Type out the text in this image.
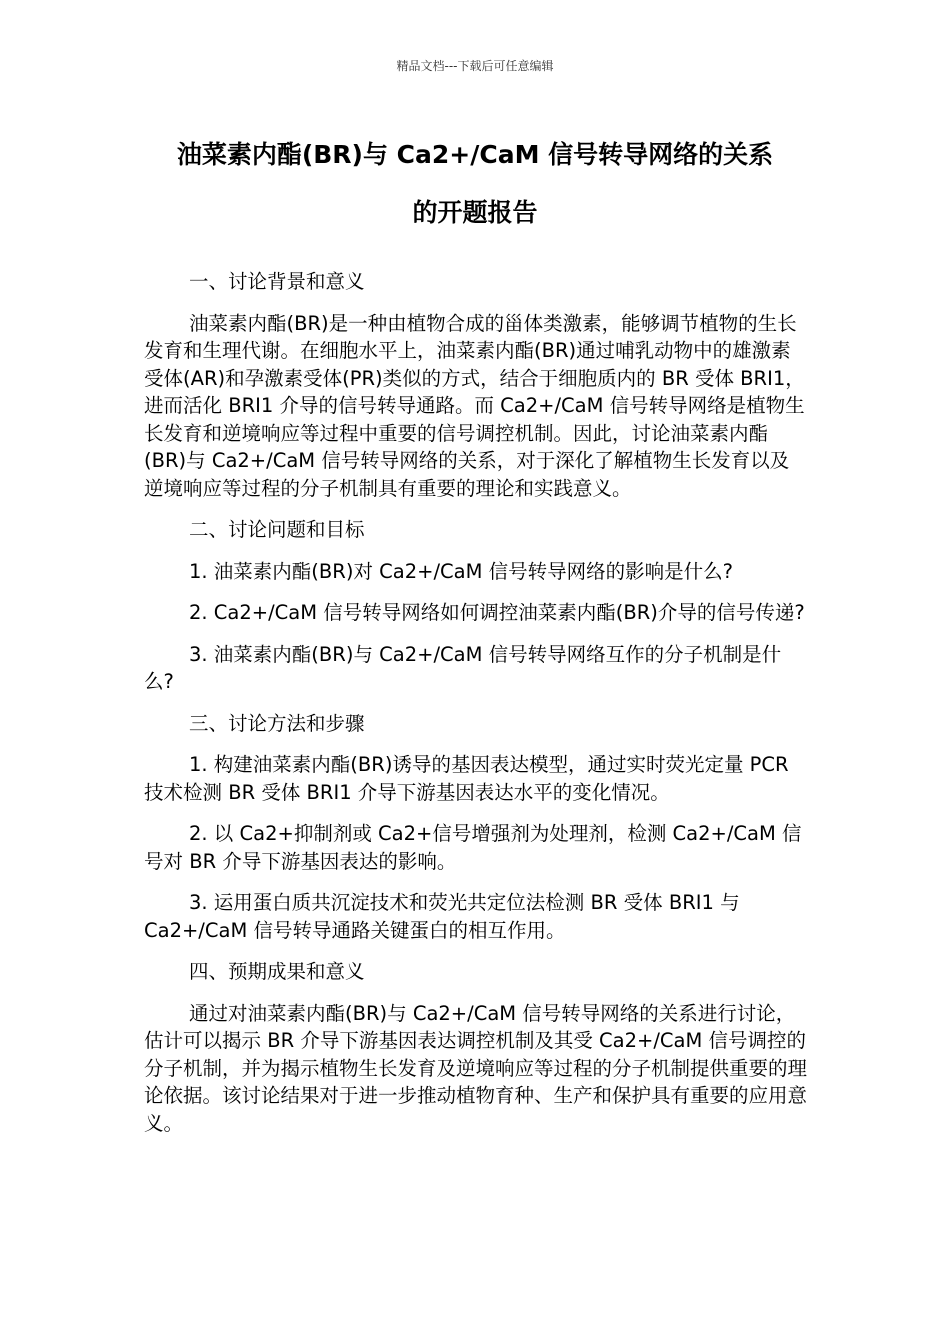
精品文档---下载后可任意编辑
油菜素内酯(BR)与 Ca2+/CaM 信号转导网络的关系
的开题报告

一、讨论背景和意义

油菜素内酯(BR)是一种由植物合成的甾体类激素，能够调节植物的生长发育和生理代谢。在细胞水平上，油菜素内酯(BR)通过哺乳动物中的雄激素受体(AR)和孕激素受体(PR)类似的方式，结合于细胞质内的 BR 受体 BRI1，进而活化 BRI1 介导的信号转导通路。而 Ca2+/CaM 信号转导网络是植物生长发育和逆境响应等过程中重要的信号调控机制。因此，讨论油菜素内酯(BR)与 Ca2+/CaM 信号转导网络的关系，对于深化了解植物生长发育以及逆境响应等过程的分子机制具有重要的理论和实践意义。

二、讨论问题和目标

1. 油菜素内酯(BR)对 Ca2+/CaM 信号转导网络的影响是什么?

2. Ca2+/CaM 信号转导网络如何调控油菜素内酯(BR)介导的信号传递?

3. 油菜素内酯(BR)与 Ca2+/CaM 信号转导网络互作的分子机制是什么?

三、讨论方法和步骤

1. 构建油菜素内酯(BR)诱导的基因表达模型，通过实时荧光定量 PCR 技术检测 BR 受体 BRI1 介导下游基因表达水平的变化情况。

2. 以 Ca2+抑制剂或 Ca2+信号增强剂为处理剂，检测 Ca2+/CaM 信号对 BR 介导下游基因表达的影响。

3. 运用蛋白质共沉淀技术和荧光共定位法检测 BR 受体 BRI1 与 Ca2+/CaM 信号转导通路关键蛋白的相互作用。

四、预期成果和意义

通过对油菜素内酯(BR)与 Ca2+/CaM 信号转导网络的关系进行讨论，估计可以揭示 BR 介导下游基因表达调控机制及其受 Ca2+/CaM 信号调控的分子机制，并为揭示植物生长发育及逆境响应等过程的分子机制提供重要的理论依据。该讨论结果对于进一步推动植物育种、生产和保护具有重要的应用意义。
